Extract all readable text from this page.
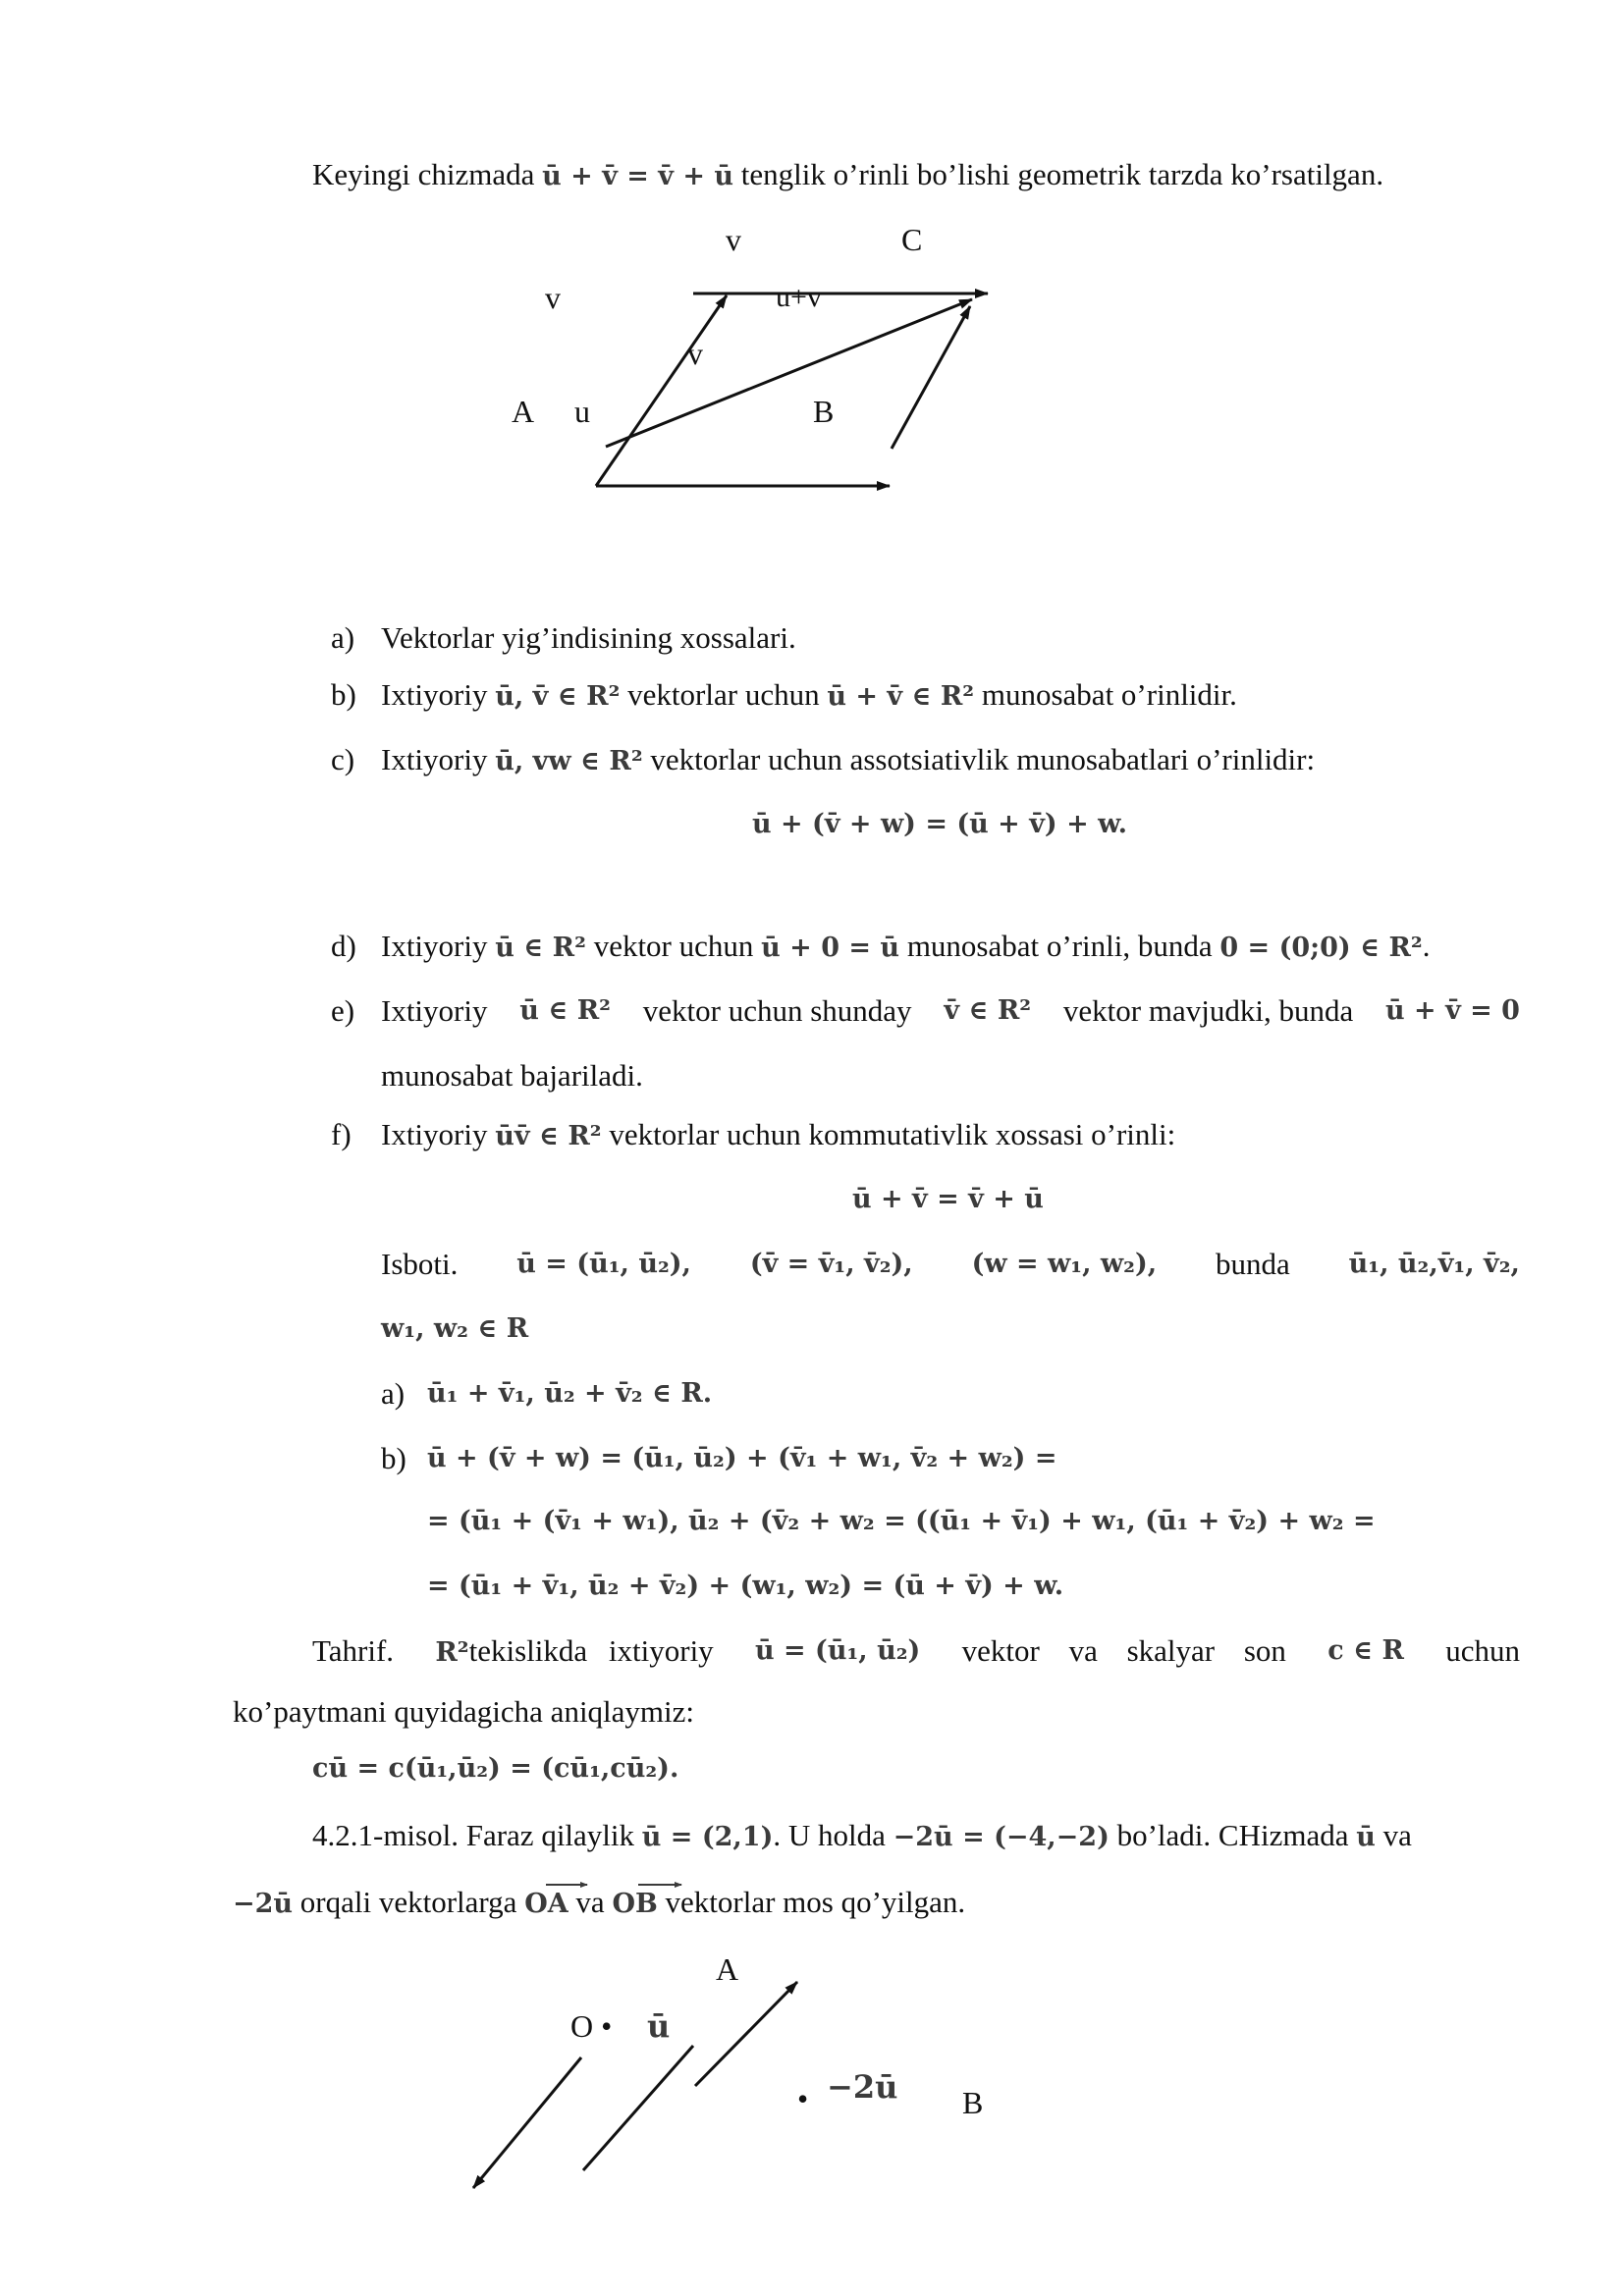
Keyingi chizmada ū + v̄ = v̄ + ū tenglik o’rinli bo’lishi geometrik tarzda ko’rsatilgan.
v	C
v	u+v
v
A u	B
a) Vektorlar yig’indisining xossalari.
b) Ixtiyoriy ū, v̄ ∈ R² vektorlar uchun ū + v̄ ∈ R² munosabat o’rinlidir.
c) Ixtiyoriy ū, vw ∈ R² vektorlar uchun assotsiativlik munosabatlari o’rinlidir:
ū + (v̄ + w) = (ū + v̄) + w.
d) Ixtiyoriy ū ∈ R² vektor uchun ū + 0 = ū munosabat o’rinli, bunda 0 = (0;0) ∈ R².
e) Ixtiyoriy ū ∈ R² vektor uchun shunday v̄ ∈ R² vektor mavjudki, bunda ū + v̄ = 0
munosabat bajariladi.
f) Ixtiyoriy ūv̄ ∈ R² vektorlar uchun kommutativlik xossasi o’rinli:
ū + v̄ = v̄ + ū
Isboti. ū = (ū₁, ū₂), (v̄ = v̄₁, v̄₂), (w = w₁, w₂), bunda ū₁, ū₂,v̄₁, v̄₂,
w₁, w₂ ∈ R
a) ū₁ + v̄₁, ū₂ + v̄₂ ∈ R.
b) ū + (v̄ + w) = (ū₁, ū₂) + (v̄₁ + w₁, v̄₂ + w₂) =
= (ū₁ + (v̄₁ + w₁), ū₂ + (v̄₂ + w₂ = ((ū₁ + v̄₁) + w₁, (ū₁ + v̄₂) + w₂ =
= (ū₁ + v̄₁, ū₂ + v̄₂) + (w₁, w₂) = (ū + v̄) + w.
Tahrif. R²tekislikda ixtiyoriy ū = (ū₁, ū₂) vektor va skalyar son c ∈ R uchun
ko’paytmani quyidagicha aniqlaymiz:
cū = c(ū₁,ū₂) = (cū₁,cū₂).
4.2.1-misol. Faraz qilaylik ū = (2,1). U holda −2ū = (−4,−2) bo’ladi. CHizmada ū va
−2ū orqali vektorlarga OA va OB vektorlar mos qo’yilgan.
A
O • ū
• −2ū B
